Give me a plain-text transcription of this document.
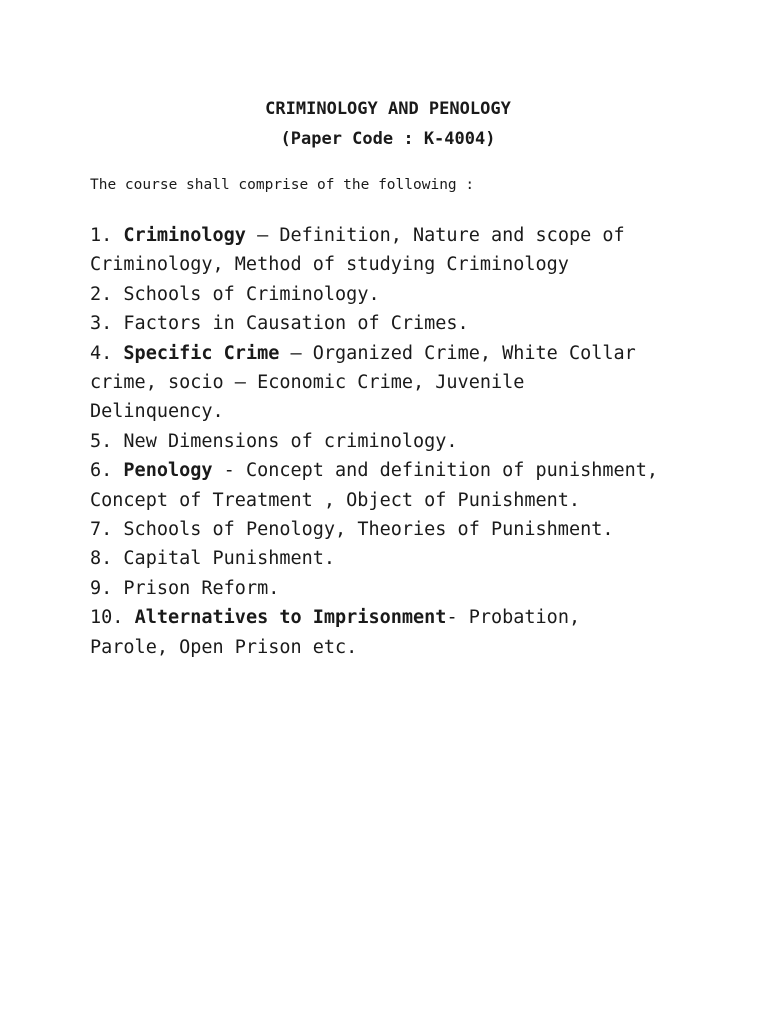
CRIMINOLOGY AND PENOLOGY
(Paper Code : K-4004)
The course shall comprise of the following :
1. Criminology – Definition, Nature and scope of
Criminology, Method of studying Criminology
2. Schools of Criminology.
3. Factors in Causation of Crimes.
4. Specific Crime – Organized Crime, White Collar
crime, socio – Economic Crime, Juvenile
Delinquency.
5. New Dimensions of criminology.
6. Penology - Concept and definition of punishment,
Concept of Treatment , Object of Punishment.
7. Schools of Penology, Theories of Punishment.
8. Capital Punishment.
9. Prison Reform.
10. Alternatives to Imprisonment- Probation,
Parole, Open Prison etc.
